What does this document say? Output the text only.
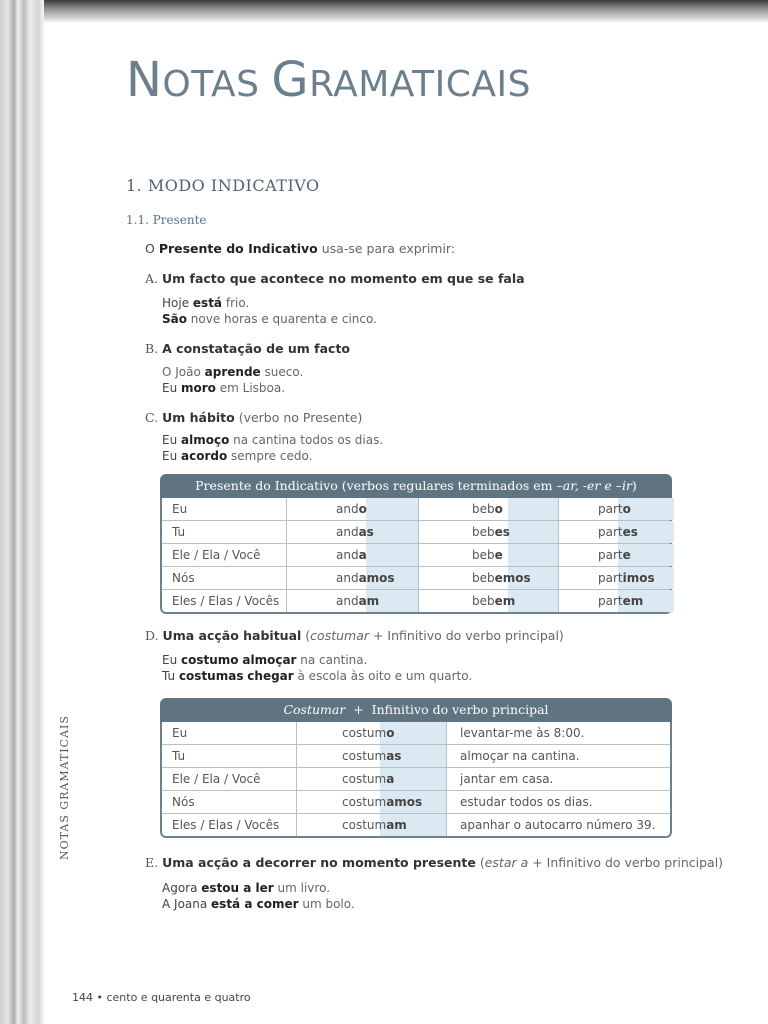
NOTAS GRAMATICAIS
1. MODO INDICATIVO
1.1. Presente
O Presente do Indicativo usa-se para exprimir:
A. Um facto que acontece no momento em que se fala
Hoje está frio.
São nove horas e quarenta e cinco.
B. A constatação de um facto
O João aprende sueco.
Eu moro em Lisboa.
C. Um hábito (verbo no Presente)
Eu almoço na cantina todos os dias.
Eu acordo sempre cedo.
Presente do Indicativo (verbos regulares terminados em –ar, -er e –ir)
Eu	ando	bebo	parto
Tu	andas	bebes	partes
Ele / Ela / Você	anda	bebe	parte
Nós	andamos	bebemos	partimos
Eles / Elas / Vocês	andam	bebem	partem
D. Uma acção habitual (costumar + Infinitivo do verbo principal)
Eu costumo almoçar na cantina.
Tu costumas chegar à escola às oito e um quarto.
Costumar  +  Infinitivo do verbo principal
Eu	costumo	levantar-me às 8:00.
Tu	costumas	almoçar na cantina.
Ele / Ela / Você	costuma	jantar em casa.
Nós	costumamos	estudar todos os dias.
Eles / Elas / Vocês	costumam	apanhar o autocarro número 39.
E. Uma acção a decorrer no momento presente (estar a + Infinitivo do verbo principal)
Agora estou a ler um livro.
A Joana está a comer um bolo.
NOTAS GRAMATICAIS
144 • cento e quarenta e quatro
